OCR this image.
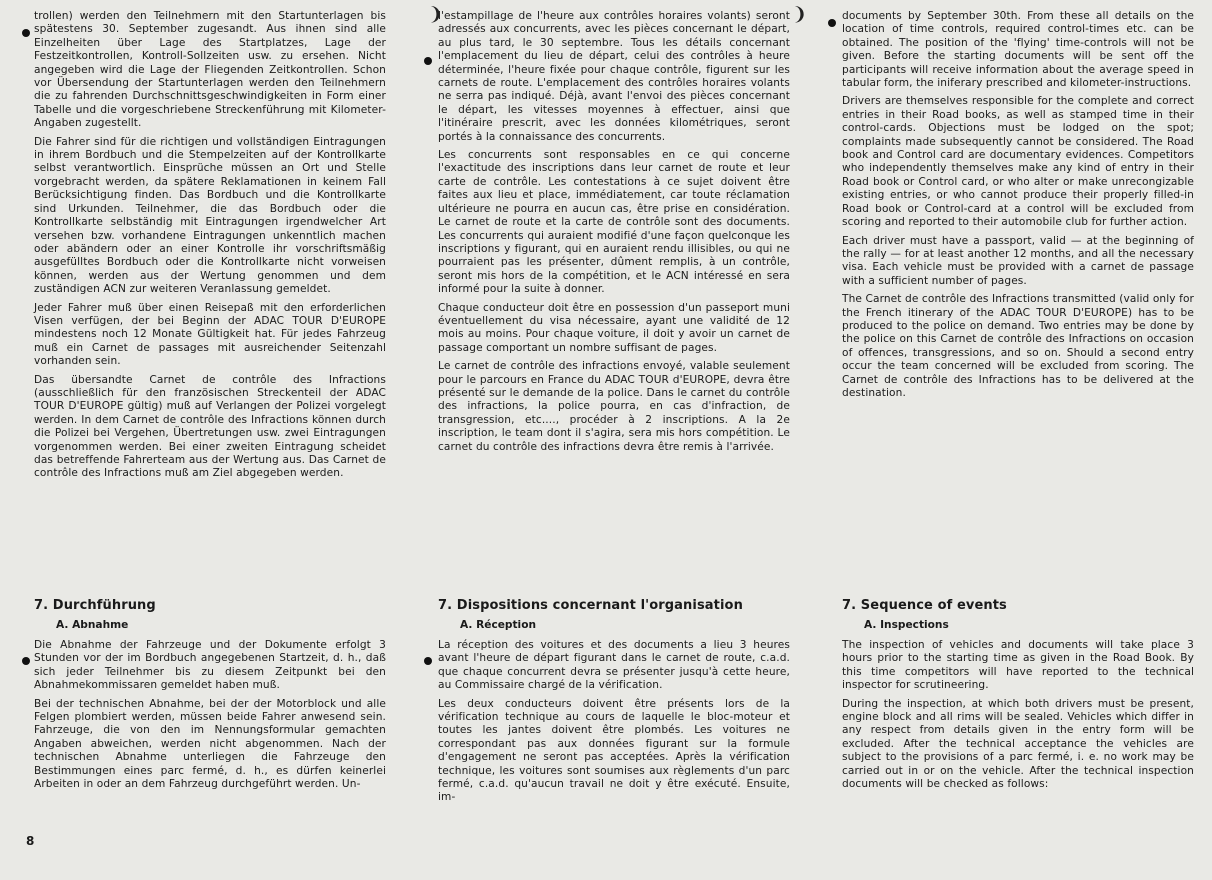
❩	❩

trollen) werden den Teilnehmern mit den Startunterlagen bis spätestens 30. September zugesandt. Aus ihnen sind alle Einzelheiten über Lage des Startplatzes, Lage der Festzeitkontrollen, Kontroll-Sollzeiten usw. zu ersehen. Nicht angegeben wird die Lage der Fliegenden Zeitkontrollen. Schon vor Übersendung der Startunterlagen werden den Teilnehmern die zu fahrenden Durchschnittsgeschwindigkeiten in Form einer Tabelle und die vorgeschriebene Streckenführung mit Kilometer-Angaben zugestellt.

Die Fahrer sind für die richtigen und vollständigen Eintragungen in ihrem Bordbuch und die Stempelzeiten auf der Kontrollkarte selbst verantwortlich. Einsprüche müssen an Ort und Stelle vorgebracht werden, da spätere Reklamationen in keinem Fall Berücksichtigung finden. Das Bordbuch und die Kontrollkarte sind Urkunden. Teilnehmer, die das Bordbuch oder die Kontrollkarte selbständig mit Eintragungen irgendwelcher Art versehen bzw. vorhandene Eintragungen unkenntlich machen oder abändern oder an einer Kontrolle ihr vorschriftsmäßig ausgefülltes Bordbuch oder die Kontrollkarte nicht vorweisen können, werden aus der Wertung genommen und dem zuständigen ACN zur weiteren Veranlassung gemeldet.

Jeder Fahrer muß über einen Reisepaß mit den erforderlichen Visen verfügen, der bei Beginn der ADAC TOUR D'EUROPE mindestens noch 12 Monate Gültigkeit hat. Für jedes Fahrzeug muß ein Carnet de passages mit ausreichender Seitenzahl vorhanden sein.

Das übersandte Carnet de contrôle des Infractions (ausschließlich für den französischen Streckenteil der ADAC TOUR D'EUROPE gültig) muß auf Verlangen der Polizei vorgelegt werden. In dem Carnet de contrôle des Infractions können durch die Polizei bei Vergehen, Übertretungen usw. zwei Eintragungen vorgenommen werden. Bei einer zweiten Eintragung scheidet das betreffende Fahrerteam aus der Wertung aus. Das Carnet de contrôle des Infractions muß am Ziel abgegeben werden.

l'estampillage de l'heure aux contrôles horaires volants) seront adressés aux concurrents, avec les pièces concernant le départ, au plus tard, le 30 septembre. Tous les détails concernant l'emplacement du lieu de départ, celui des contrôles à heure déterminée, l'heure fixée pour chaque contrôle, figurent sur les carnets de route. L'emplacement des contrôles horaires volants ne serra pas indiqué. Déjà, avant l'envoi des pièces concernant le départ, les vitesses moyennes à effectuer, ainsi que l'itinéraire prescrit, avec les données kilométriques, seront portés à la connaissance des concurrents.

Les concurrents sont responsables en ce qui concerne l'exactitude des inscriptions dans leur carnet de route et leur carte de contrôle. Les contestations à ce sujet doivent être faites aux lieu et place, immédiatement, car toute réclamation ultérieure ne pourra en aucun cas, être prise en considération. Le carnet de route et la carte de contrôle sont des documents. Les concurrents qui auraient modifié d'une façon quelconque les inscriptions y figurant, qui en auraient rendu illisibles, ou qui ne pourraient pas les présenter, dûment remplis, à un contrôle, seront mis hors de la compétition, et le ACN intéressé en sera informé pour la suite à donner.

Chaque conducteur doit être en possession d'un passeport muni éventuellement du visa nécessaire, ayant une validité de 12 mois au moins. Pour chaque voiture, il doit y avoir un carnet de passage comportant un nombre suffisant de pages.

Le carnet de contrôle des infractions envoyé, valable seulement pour le parcours en France du ADAC TOUR d'EUROPE, devra être présenté sur le demande de la police. Dans le carnet du contrôle des infractions, la police pourra, en cas d'infraction, de transgression, etc...., procéder à 2 inscriptions. A la 2e inscription, le team dont il s'agira, sera mis hors compétition. Le carnet du contrôle des infractions devra être remis à l'arrivée.

documents by September 30th. From these all details on the location of time controls, required control-times etc. can be obtained. The position of the 'flying' time-controls will not be given. Before the starting documents will be sent off the participants will receive information about the average speed in tabular form, the iniferary prescribed and kilometer-instructions.

Drivers are themselves responsible for the complete and correct entries in their Road books, as well as stamped time in their control-cards. Objections must be lodged on the spot; complaints made subsequently cannot be considered. The Road book and Control card are documentary evidences. Competitors who independently themselves make any kind of entry in their Road book or Control card, or who alter or make unrecongizable existing entries, or who cannot produce their properly filled-in Road book or Control-card at a control will be excluded from scoring and reported to their automobile club for further action.

Each driver must have a passport, valid — at the beginning of the rally — for at least another 12 months, and all the necessary visa. Each vehicle must be provided with a carnet de passage with a sufficient number of pages.

The Carnet de contrôle des Infractions transmitted (valid only for the French itinerary of the ADAC TOUR D'EUROPE) has to be produced to the police on demand. Two entries may be done by the police on this Carnet de contrôle des Infractions on occasion of offences, transgressions, and so on. Should a second entry occur the team concerned will be excluded from scoring. The Carnet de contrôle des Infractions has to be delivered at the destination.

7. Durchführung
A. Abnahme

Die Abnahme der Fahrzeuge und der Dokumente erfolgt 3 Stunden vor der im Bordbuch angegebenen Startzeit, d. h., daß sich jeder Teilnehmer bis zu diesem Zeitpunkt bei den Abnahmekommissaren gemeldet haben muß.

Bei der technischen Abnahme, bei der der Motorblock und alle Felgen plombiert werden, müssen beide Fahrer anwesend sein. Fahrzeuge, die von den im Nennungsformular gemachten Angaben abweichen, werden nicht abgenommen. Nach der technischen Abnahme unterliegen die Fahrzeuge den Bestimmungen eines parc fermé, d. h., es dürfen keinerlei Arbeiten in oder an dem Fahrzeug durchgeführt werden. Un-

7. Dispositions concernant l'organisation
A. Réception

La réception des voitures et des documents a lieu 3 heures avant l'heure de départ figurant dans le carnet de route, c.a.d. que chaque concurrent devra se présenter jusqu'à cette heure, au Commissaire chargé de la vérification.

Les deux conducteurs doivent être présents lors de la vérification technique au cours de laquelle le bloc-moteur et toutes les jantes doivent être plombés. Les voitures ne correspondant pas aux données figurant sur la formule d'engagement ne seront pas acceptées. Après la vérification technique, les voitures sont soumises aux règlements d'un parc fermé, c.a.d. qu'aucun travail ne doit y être exécuté. Ensuite, im-

7. Sequence of events
A. Inspections

The inspection of vehicles and documents will take place 3 hours prior to the starting time as given in the Road Book. By this time competitors will have reported to the technical inspector for scrutineering.

During the inspection, at which both drivers must be present, engine block and all rims will be sealed. Vehicles which differ in any respect from details given in the entry form will be excluded. After the technical acceptance the vehicles are subject to the provisions of a parc fermé, i. e. no work may be carried out in or on the vehicle. After the technical inspection documents will be checked as follows:

8
